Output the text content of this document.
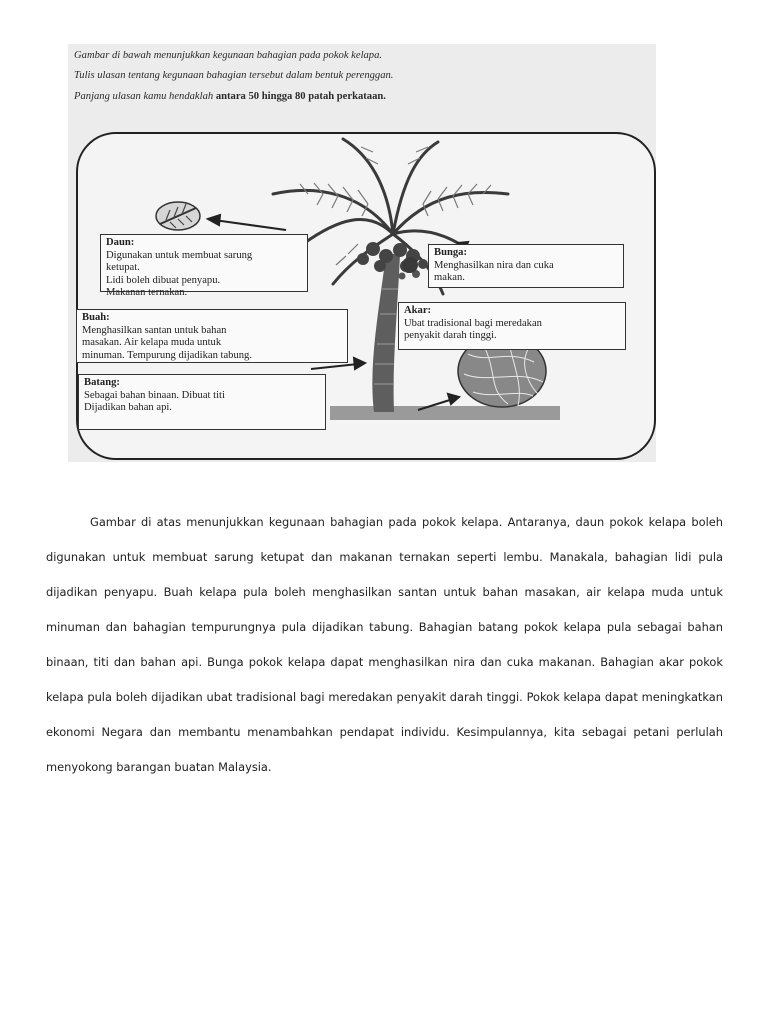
Gambar di bawah menunjukkan kegunaan bahagian pada pokok kelapa.
Tulis ulasan tentang kegunaan bahagian tersebut dalam bentuk perenggan.
Panjang ulasan kamu hendaklah antara 50 hingga 80 patah perkataan.
Daun:
Digunakan untuk membuat sarung
ketupat.
Lidi boleh dibuat penyapu.
Makanan ternakan.
Buah:
Menghasilkan santan untuk bahan
masakan. Air kelapa muda untuk
minuman. Tempurung dijadikan tabung.
Batang:
Sebagai bahan binaan. Dibuat titi
Dijadikan bahan api.
Bunga:
Menghasilkan nira dan cuka
makan.
Akar:
Ubat tradisional bagi meredakan
penyakit darah tinggi.

Gambar di atas menunjukkan kegunaan bahagian pada pokok kelapa. Antaranya, daun pokok kelapa boleh digunakan untuk membuat sarung ketupat dan makanan ternakan seperti lembu. Manakala, bahagian lidi pula dijadikan penyapu. Buah kelapa pula boleh menghasilkan santan untuk bahan masakan, air kelapa muda untuk minuman dan bahagian tempurungnya pula dijadikan tabung. Bahagian batang pokok kelapa pula sebagai bahan binaan, titi dan bahan api. Bunga pokok kelapa dapat menghasilkan nira dan cuka makanan. Bahagian akar pokok kelapa pula boleh dijadikan ubat tradisional bagi meredakan penyakit darah tinggi. Pokok kelapa dapat meningkatkan ekonomi Negara dan membantu menambahkan pendapat individu. Kesimpulannya, kita sebagai petani perlulah menyokong barangan buatan Malaysia.
